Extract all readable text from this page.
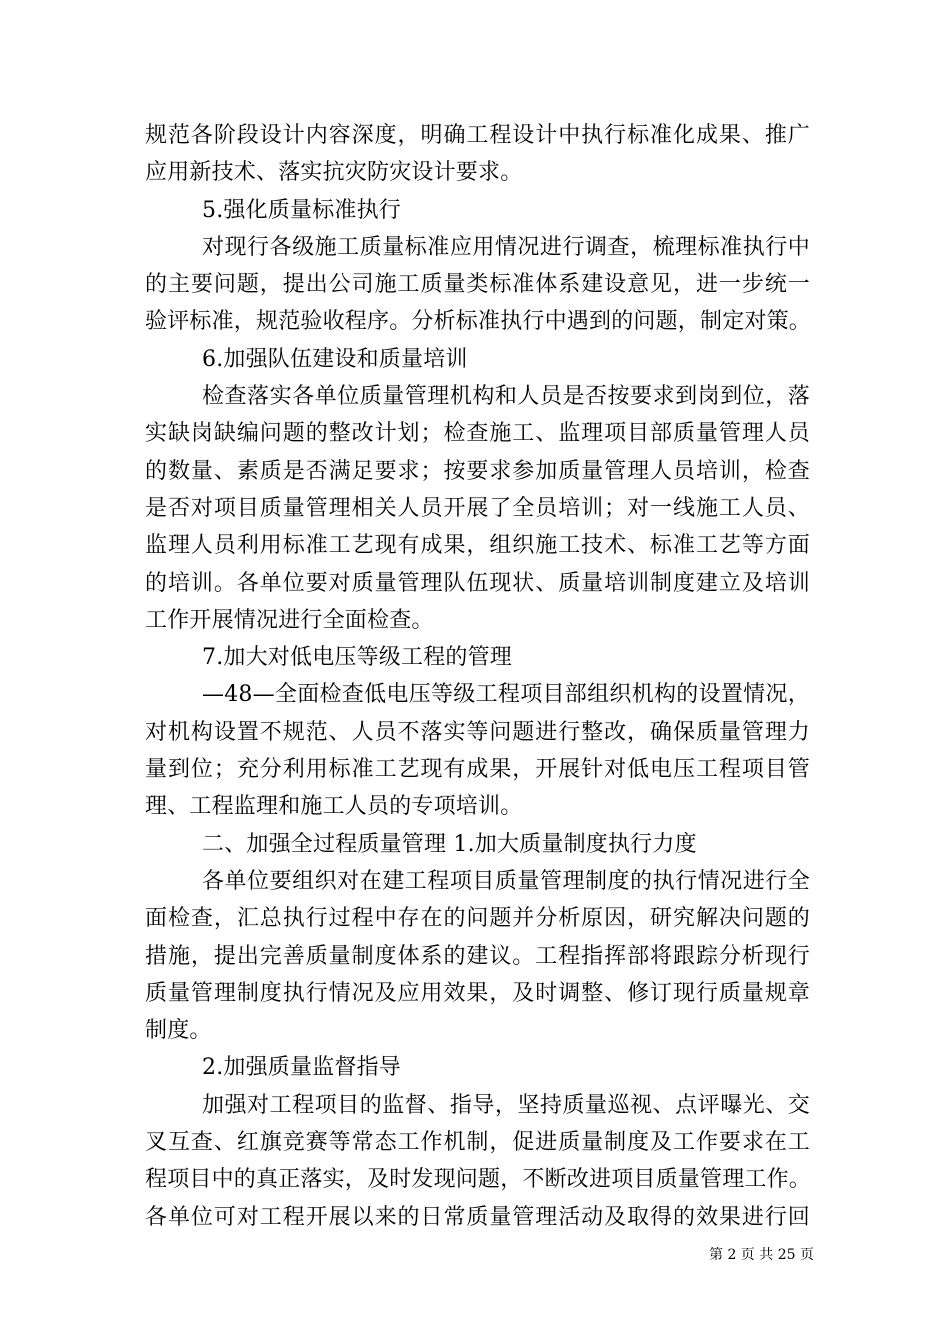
规范各阶段设计内容深度，明确工程设计中执行标准化成果、推广
应用新技术、落实抗灾防灾设计要求。
5.强化质量标准执行
对现行各级施工质量标准应用情况进行调查，梳理标准执行中
的主要问题，提出公司施工质量类标准体系建设意见，进一步统一
验评标准，规范验收程序。分析标准执行中遇到的问题，制定对策。
6.加强队伍建设和质量培训
检查落实各单位质量管理机构和人员是否按要求到岗到位，落
实缺岗缺编问题的整改计划；检查施工、监理项目部质量管理人员
的数量、素质是否满足要求；按要求参加质量管理人员培训，检查
是否对项目质量管理相关人员开展了全员培训；对一线施工人员、
监理人员利用标准工艺现有成果，组织施工技术、标准工艺等方面
的培训。各单位要对质量管理队伍现状、质量培训制度建立及培训
工作开展情况进行全面检查。
7.加大对低电压等级工程的管理
—48—全面检查低电压等级工程项目部组织机构的设置情况，
对机构设置不规范、人员不落实等问题进行整改，确保质量管理力
量到位；充分利用标准工艺现有成果，开展针对低电压工程项目管
理、工程监理和施工人员的专项培训。
二、加强全过程质量管理 1.加大质量制度执行力度
各单位要组织对在建工程项目质量管理制度的执行情况进行全
面检查，汇总执行过程中存在的问题并分析原因，研究解决问题的
措施，提出完善质量制度体系的建议。工程指挥部将跟踪分析现行
质量管理制度执行情况及应用效果，及时调整、修订现行质量规章
制度。
2.加强质量监督指导
加强对工程项目的监督、指导，坚持质量巡视、点评曝光、交
叉互查、红旗竞赛等常态工作机制，促进质量制度及工作要求在工
程项目中的真正落实，及时发现问题，不断改进项目质量管理工作。
各单位可对工程开展以来的日常质量管理活动及取得的效果进行回
第 2 页 共 25 页
